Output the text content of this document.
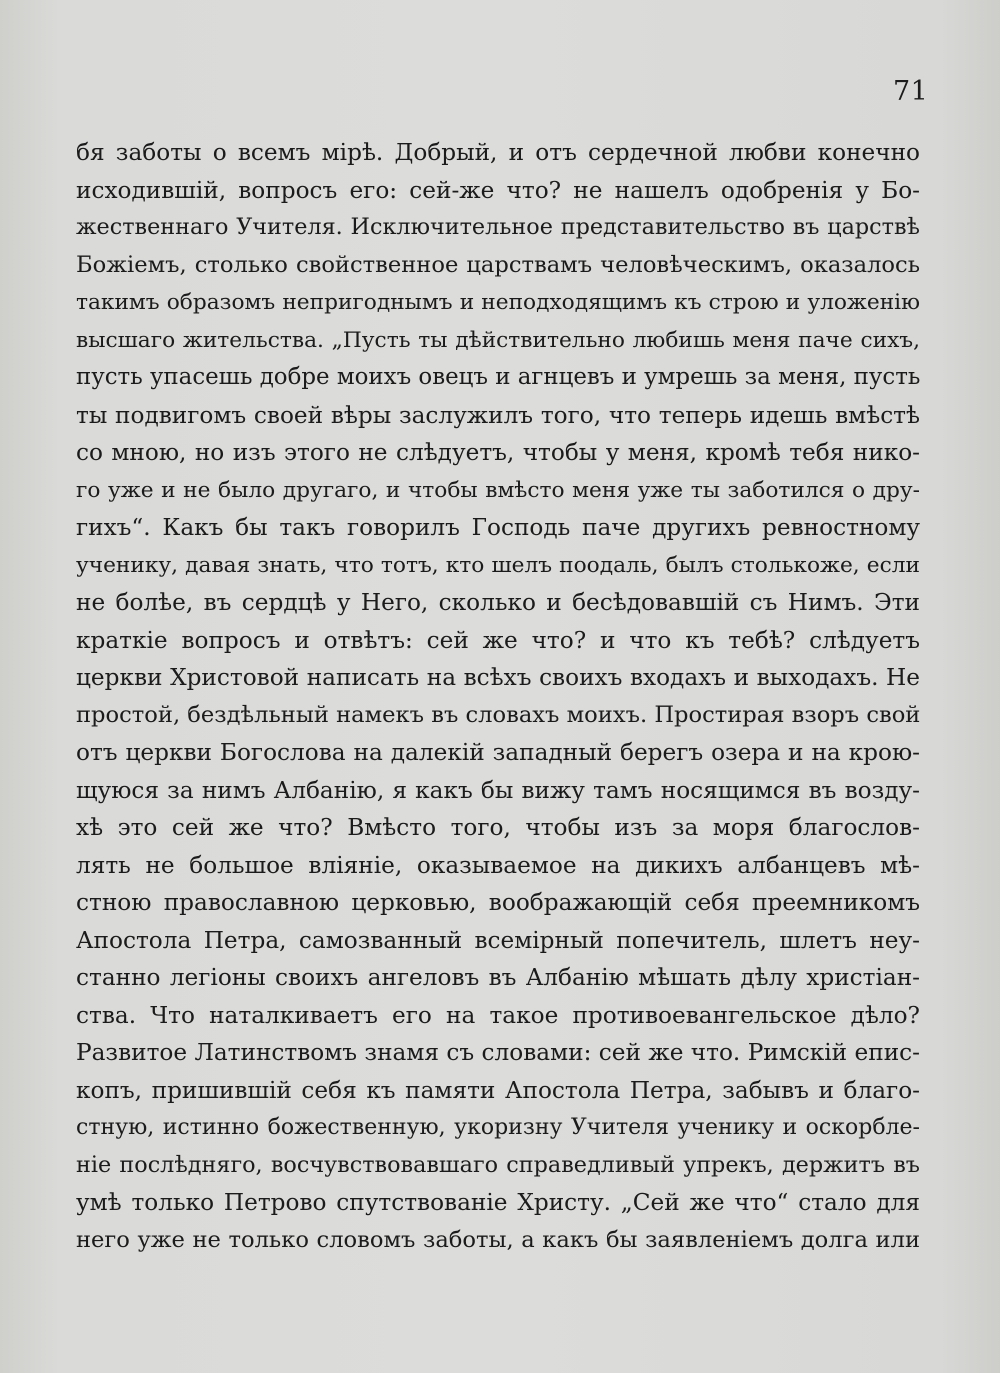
71
бя заботы о всемъ мiрѣ. Добрый, и отъ сердечной любви конечно
исходившiй, вопросъ его: сей-же что? не нашелъ одобренiя у Бо-
жественнаго Учителя. Исключительное представительство въ царствѣ
Божiемъ, столько свойственное царствамъ человѣческимъ, оказалось
такимъ образомъ непригоднымъ и неподходящимъ къ строю и уложенiю
высшаго жительства. „Пусть ты дѣйствительно любишь меня паче сихъ,
пусть упасешь добре моихъ овецъ и агнцевъ и умрешь за меня, пусть
ты подвигомъ своей вѣры заслужилъ того, что теперь идешь вмѣстѣ
со мною, но изъ этого не слѣдуетъ, чтобы у меня, кромѣ тебя нико-
го уже и не было другаго, и чтобы вмѣсто меня уже ты заботился о дру-
гихъ“. Какъ бы такъ говорилъ Господь паче другихъ ревностному
ученику, давая знать, что тотъ, кто шелъ поодаль, былъ столькоже, если
не болѣе, въ сердцѣ у Него, сколько и бесѣдовавшiй съ Нимъ. Эти
краткiе вопросъ и отвѣтъ: сей же что? и что къ тебѣ? слѣдуетъ
церкви Христовой написать на всѣхъ своихъ входахъ и выходахъ. Не
простой, бездѣльный намекъ въ словахъ моихъ. Простирая взоръ свой
отъ церкви Богослова на далекiй западный берегъ озера и на крою-
щуюся за нимъ Албанiю, я какъ бы вижу тамъ носящимся въ возду-
хѣ это сей же что? Вмѣсто того, чтобы изъ за моря благослов-
лять не большое влiянiе, оказываемое на дикихъ албанцевъ мѣ-
стною православною церковью, воображающiй себя преемникомъ
Апостола Петра, самозванный всемiрный попечитель, шлетъ неу-
станно легiоны своихъ ангеловъ въ Албанiю мѣшать дѣлу христiан-
ства. Что наталкиваетъ его на такое противоевангельское дѣло?
Развитое Латинствомъ знамя съ словами: сей же что. Римскiй епис-
копъ, пришившiй себя къ памяти Апостола Петра, забывъ и благо-
стную, истинно божественную, укоризну Учителя ученику и оскорбле-
нiе послѣдняго, восчувствовавшаго справедливый упрекъ, держитъ въ
умѣ только Петрово спутствованiе Христу. „Сей же что“ стало для
него уже не только словомъ заботы, а какъ бы заявленiемъ долга или
